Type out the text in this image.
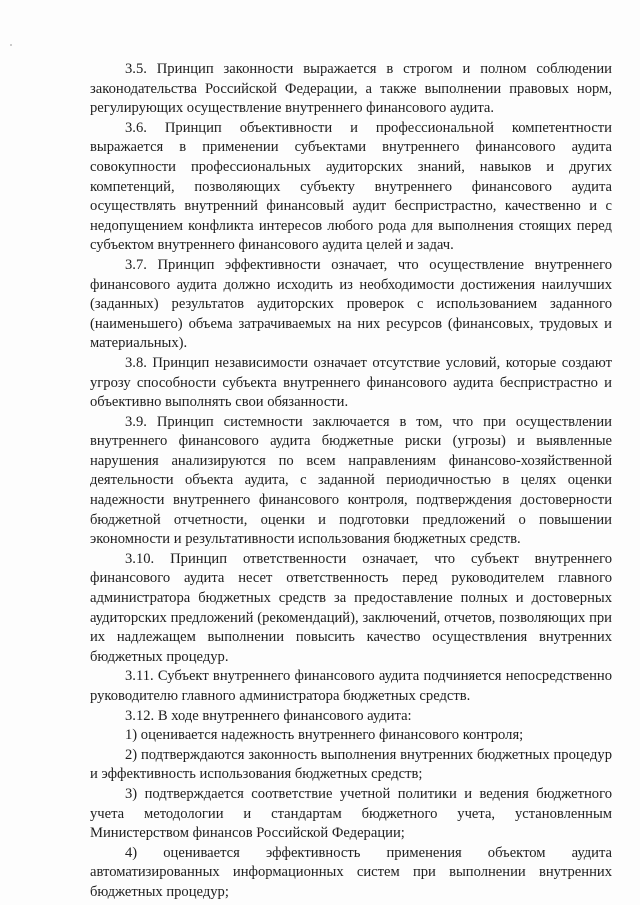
3.5. Принцип законности выражается в строгом и полном соблюдении законодательства Российской Федерации, а также выполнении правовых норм, регулирующих осуществление внутреннего финансового аудита.

3.6. Принцип объективности и профессиональной компетентности выражается в применении субъектами внутреннего финансового аудита совокупности профессиональных аудиторских знаний, навыков и других компетенций, позволяющих субъекту внутреннего финансового аудита осуществлять внутренний финансовый аудит беспристрастно, качественно и с недопущением конфликта интересов любого рода для выполнения стоящих перед субъектом внутреннего финансового аудита целей и задач.

3.7. Принцип эффективности означает, что осуществление внутреннего финансового аудита должно исходить из необходимости достижения наилучших (заданных) результатов аудиторских проверок с использованием заданного (наименьшего) объема затрачиваемых на них ресурсов (финансовых, трудовых и материальных).

3.8. Принцип независимости означает отсутствие условий, которые создают угрозу способности субъекта внутреннего финансового аудита беспристрастно и объективно выполнять свои обязанности.

3.9. Принцип системности заключается в том, что при осуществлении внутреннего финансового аудита бюджетные риски (угрозы) и выявленные нарушения анализируются по всем направлениям финансово-хозяйственной деятельности объекта аудита, с заданной периодичностью в целях оценки надежности внутреннего финансового контроля, подтверждения достоверности бюджетной отчетности, оценки и подготовки предложений о повышении экономности и результативности использования бюджетных средств.

3.10. Принцип ответственности означает, что субъект внутреннего финансового аудита несет ответственность перед руководителем главного администратора бюджетных средств за предоставление полных и достоверных аудиторских предложений (рекомендаций), заключений, отчетов, позволяющих при их надлежащем выполнении повысить качество осуществления внутренних бюджетных процедур.

3.11. Субъект внутреннего финансового аудита подчиняется непосредственно руководителю главного администратора бюджетных средств.

3.12. В ходе внутреннего финансового аудита:

1) оценивается надежность внутреннего финансового контроля;

2) подтверждаются законность выполнения внутренних бюджетных процедур и эффективность использования бюджетных средств;

3) подтверждается соответствие учетной политики и ведения бюджетного учета методологии и стандартам бюджетного учета, установленным Министерством финансов Российской Федерации;

4) оценивается эффективность применения объектом аудита автоматизированных информационных систем при выполнении внутренних бюджетных процедур;
